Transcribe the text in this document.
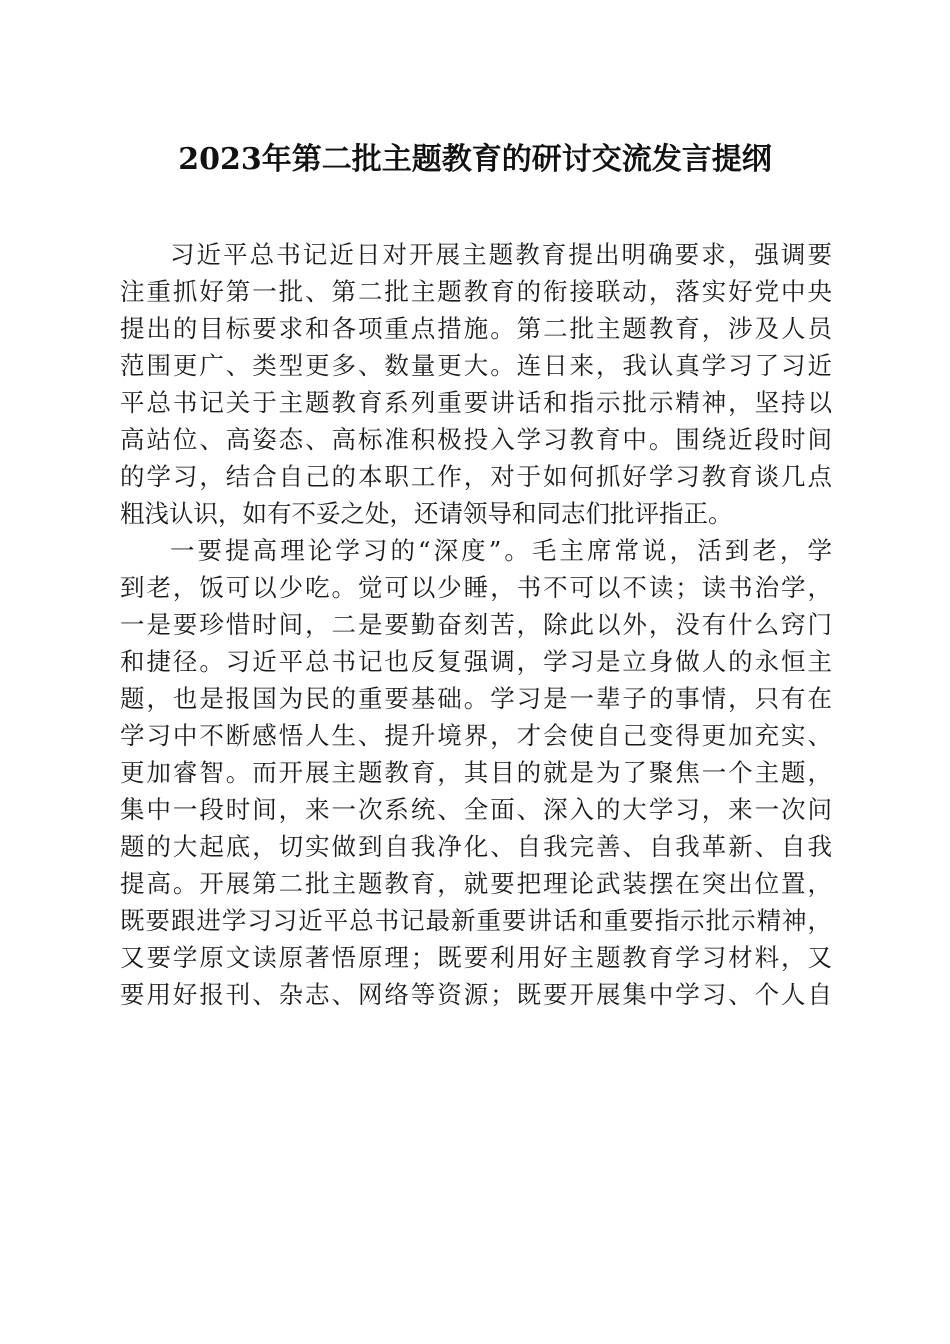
2023年第二批主题教育的研讨交流发言提纲
习近平总书记近日对开展主题教育提出明确要求，强调要
注重抓好第一批、第二批主题教育的衔接联动，落实好党中央
提出的目标要求和各项重点措施。第二批主题教育，涉及人员
范围更广、类型更多、数量更大。连日来，我认真学习了习近
平总书记关于主题教育系列重要讲话和指示批示精神，坚持以
高站位、高姿态、高标准积极投入学习教育中。围绕近段时间
的学习，结合自己的本职工作，对于如何抓好学习教育谈几点
粗浅认识，如有不妥之处，还请领导和同志们批评指正。
一要提高理论学习的“深度”。毛主席常说，活到老，学
到老，饭可以少吃。觉可以少睡，书不可以不读；读书治学，
一是要珍惜时间，二是要勤奋刻苦，除此以外，没有什么窍门
和捷径。习近平总书记也反复强调，学习是立身做人的永恒主
题，也是报国为民的重要基础。学习是一辈子的事情，只有在
学习中不断感悟人生、提升境界，才会使自己变得更加充实、
更加睿智。而开展主题教育，其目的就是为了聚焦一个主题，
集中一段时间，来一次系统、全面、深入的大学习，来一次问
题的大起底，切实做到自我净化、自我完善、自我革新、自我
提高。开展第二批主题教育，就要把理论武装摆在突出位置，
既要跟进学习习近平总书记最新重要讲话和重要指示批示精神，
又要学原文读原著悟原理；既要利用好主题教育学习材料，又
要用好报刊、杂志、网络等资源；既要开展集中学习、个人自
